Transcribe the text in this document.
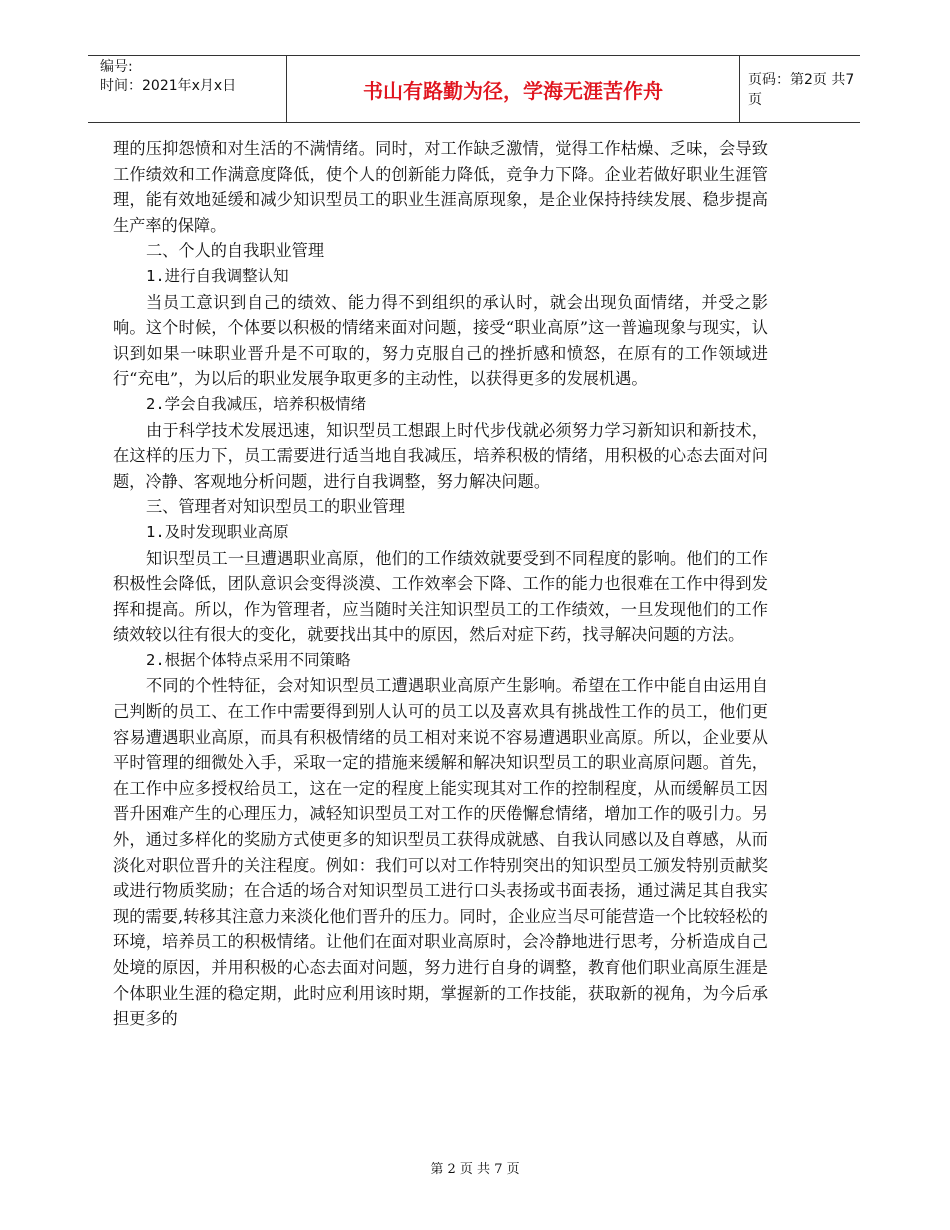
编号:
时间：2021年x月x日	书山有路勤为径，学海无涯苦作舟	页码：第2页 共7页

理的压抑怨愤和对生活的不满情绪。同时，对工作缺乏激情，觉得工作枯燥、乏味，会导致工作绩效和工作满意度降低，使个人的创新能力降低，竞争力下降。企业若做好职业生涯管理，能有效地延缓和减少知识型员工的职业生涯高原现象，是企业保持持续发展、稳步提高生产率的保障。

二、个人的自我职业管理

1.进行自我调整认知

当员工意识到自己的绩效、能力得不到组织的承认时，就会出现负面情绪，并受之影响。这个时候，个体要以积极的情绪来面对问题，接受“职业高原”这一普遍现象与现实，认识到如果一味职业晋升是不可取的，努力克服自己的挫折感和愤怒，在原有的工作领域进行“充电”，为以后的职业发展争取更多的主动性，以获得更多的发展机遇。

2.学会自我减压，培养积极情绪

由于科学技术发展迅速，知识型员工想跟上时代步伐就必须努力学习新知识和新技术，在这样的压力下，员工需要进行适当地自我减压，培养积极的情绪，用积极的心态去面对问题，冷静、客观地分析问题，进行自我调整，努力解决问题。

三、管理者对知识型员工的职业管理

1.及时发现职业高原

知识型员工一旦遭遇职业高原，他们的工作绩效就要受到不同程度的影响。他们的工作积极性会降低，团队意识会变得淡漠、工作效率会下降、工作的能力也很难在工作中得到发挥和提高。所以，作为管理者，应当随时关注知识型员工的工作绩效，一旦发现他们的工作绩效较以往有很大的变化，就要找出其中的原因，然后对症下药，找寻解决问题的方法。

2.根据个体特点采用不同策略

不同的个性特征，会对知识型员工遭遇职业高原产生影响。希望在工作中能自由运用自己判断的员工、在工作中需要得到别人认可的员工以及喜欢具有挑战性工作的员工，他们更容易遭遇职业高原，而具有积极情绪的员工相对来说不容易遭遇职业高原。所以，企业要从平时管理的细微处入手，采取一定的措施来缓解和解决知识型员工的职业高原问题。首先，在工作中应多授权给员工，这在一定的程度上能实现其对工作的控制程度，从而缓解员工因晋升困难产生的心理压力，减轻知识型员工对工作的厌倦懈怠情绪，增加工作的吸引力。另外，通过多样化的奖励方式使更多的知识型员工获得成就感、自我认同感以及自尊感，从而淡化对职位晋升的关注程度。例如：我们可以对工作特别突出的知识型员工颁发特别贡献奖或进行物质奖励；在合适的场合对知识型员工进行口头表扬或书面表扬，通过满足其自我实现的需要,转移其注意力来淡化他们晋升的压力。同时，企业应当尽可能营造一个比较轻松的环境，培养员工的积极情绪。让他们在面对职业高原时，会冷静地进行思考，分析造成自己处境的原因，并用积极的心态去面对问题，努力进行自身的调整，教育他们职业高原生涯是个体职业生涯的稳定期，此时应利用该时期，掌握新的工作技能，获取新的视角，为今后承担更多的

第 2 页 共 7 页
